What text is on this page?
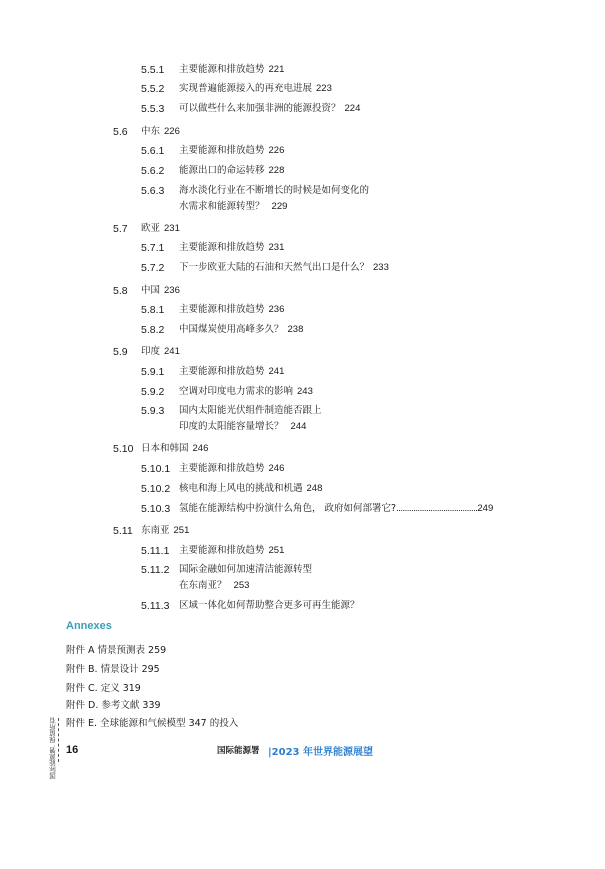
5.5.1	主要能源和排放趋势 221
5.5.2	实现普遍能源接入的再充电进展 223
5.5.3	可以做些什么来加强非洲的能源投资？ 224
5.6	中东 226
5.6.1	主要能源和排放趋势 226
5.6.2	能源出口的命运转移 228
5.6.3	海水淡化行业在不断增长的时候是如何变化的
水需求和能源转型？ 229
5.7	欧亚 231
5.7.1	主要能源和排放趋势 231
5.7.2	下一步欧亚大陆的石油和天然气出口是什么？ 233
5.8	中国 236
5.8.1	主要能源和排放趋势 236
5.8.2	中国煤炭使用高峰多久？ 238
5.9	印度 241
5.9.1	主要能源和排放趋势 241
5.9.2	空调对印度电力需求的影响 243
5.9.3	国内太阳能光伏组件制造能否跟上
印度的太阳能容量增长？ 244
5.10 日本和韩国 246
5.10.1 主要能源和排放趋势 246
5.10.2 核电和海上风电的挑战和机遇 248
5.10.3 氢能在能源结构中扮演什么角色， 政府如何部署它? ...................................... 249
5.11 东南亚 251
5.11.1	主要能源和排放趋势 251
5.11.2	国际金融如何加速清洁能源转型
在东南亚？ 253
5.11.3	区域一体化如何帮助整合更多可再生能源？
Annexes
附件 A 情景预测表 259
附件 B. 情景设计 295
附件 C. 定义 319
附件 D. 参考文献 339
附件 E. 全球能源和气候模型 347 的投入
国际能源署. 保留所有 16	国际能源署 |2023 年世界能源展望
